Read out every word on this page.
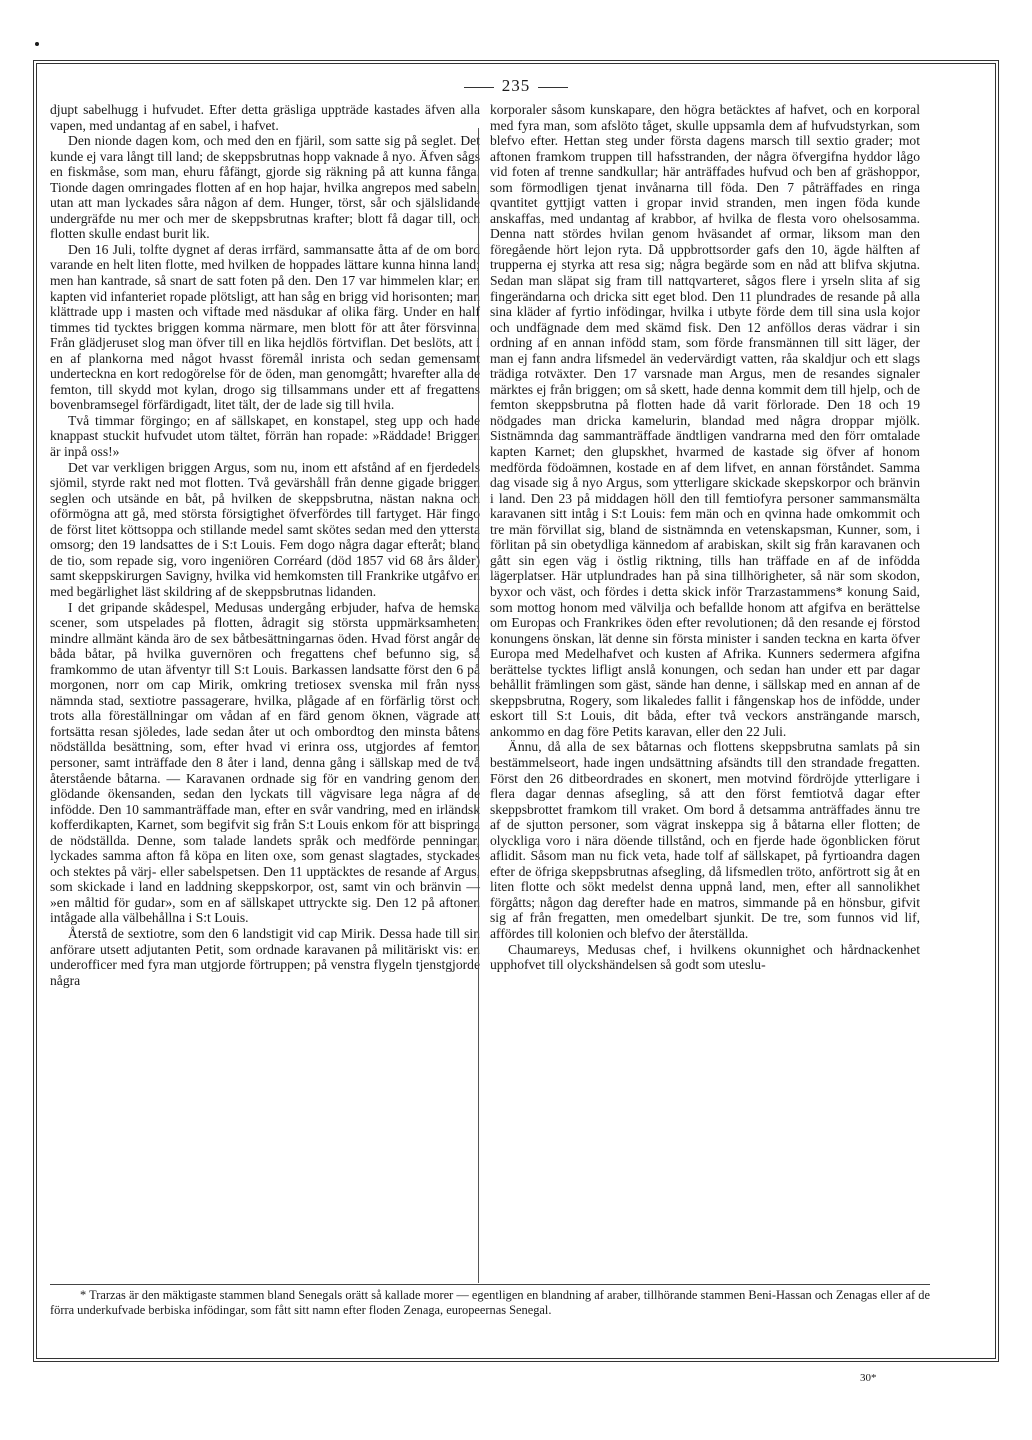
235

djupt sabelhugg i hufvudet. Efter detta gräsliga uppträde kastades äfven alla vapen, med undantag af en sabel, i hafvet.

Den nionde dagen kom, och med den en fjäril, som satte sig på seglet. Det kunde ej vara långt till land; de skeppsbrutnas hopp vaknade å nyo. Äfven sågs en fiskmåse, som man, ehuru fåfängt, gjorde sig räkning på att kunna fånga. Tionde dagen omringades flotten af en hop hajar, hvilka angrepos med sabeln, utan att man lyckades såra någon af dem. Hunger, törst, sår och själslidande undergräfde nu mer och mer de skeppsbrutnas krafter; blott få dagar till, och flotten skulle endast burit lik.

Den 16 Juli, tolfte dygnet af deras irrfärd, sammansatte åtta af de om bord varande en helt liten flotte, med hvilken de hoppades lättare kunna hinna land; men han kantrade, så snart de satt foten på den. Den 17 var himmelen klar; en kapten vid infanteriet ropade plötsligt, att han såg en brigg vid horisonten; man klättrade upp i masten och viftade med näsdukar af olika färg. Under en half timmes tid tycktes briggen komma närmare, men blott för att åter försvinna. Från glädjeruset slog man öfver till en lika hejdlös förtviflan. Det beslöts, att i en af plankorna med något hvasst föremål inrista och sedan gemensamt underteckna en kort redogörelse för de öden, man genomgått; hvarefter alla de femton, till skydd mot kylan, drogo sig tillsammans under ett af fregattens bovenbramsegel förfärdigadt, litet tält, der de lade sig till hvila.

Två timmar förgingo; en af sällskapet, en konstapel, steg upp och hade knappast stuckit hufvudet utom tältet, förrän han ropade: »Räddade! Briggen är inpå oss!»

Det var verkligen briggen Argus, som nu, inom ett afstånd af en fjerdedels sjömil, styrde rakt ned mot flotten. Två gevärshåll från denne gigade briggen seglen och utsände en båt, på hvilken de skeppsbrutna, nästan nakna och oförmögna att gå, med största försigtighet öfverfördes till fartyget. Här fingo de först litet köttsoppa och stillande medel samt skötes sedan med den yttersta omsorg; den 19 landsattes de i S:t Louis. Fem dogo några dagar efteråt; bland de tio, som repade sig, voro ingeniören Corréard (död 1857 vid 68 års ålder) samt skeppskirurgen Savigny, hvilka vid hemkomsten till Frankrike utgåfvo en med begärlighet läst skildring af de skeppsbrutnas lidanden.

I det gripande skådespel, Medusas undergång erbjuder, hafva de hemska scener, som utspelades på flotten, ådragit sig största uppmärksamheten; mindre allmänt kända äro de sex båtbesättningarnas öden. Hvad först angår de båda båtar, på hvilka guvernören och fregattens chef befunno sig, så framkommo de utan äfventyr till S:t Louis. Barkassen landsatte först den 6 på morgonen, norr om cap Mirik, omkring tretiosex svenska mil från nyss nämnda stad, sextiotre passagerare, hvilka, plågade af en förfärlig törst och trots alla föreställningar om vådan af en färd genom öknen, vägrade att fortsätta resan sjöledes, lade sedan åter ut och ombordtog den minsta båtens nödställda besättning, som, efter hvad vi erinra oss, utgjordes af femton personer, samt inträffade den 8 åter i land, denna gång i sällskap med de två återstående båtarna. — Karavanen ordnade sig för en vandring genom den glödande ökensanden, sedan den lyckats till vägvisare lega några af de infödde. Den 10 sammanträffade man, efter en svår vandring, med en irländsk kofferdikapten, Karnet, som begifvit sig från S:t Louis enkom för att bispringa de nödställda. Denne, som talade landets språk och medförde penningar, lyckades samma afton få köpa en liten oxe, som genast slagtades, styckades och stektes på värj- eller sabelspetsen. Den 11 upptäcktes de resande af Argus, som skickade i land en laddning skeppskorpor, ost, samt vin och bränvin — »en måltid för gudar», som en af sällskapet uttryckte sig. Den 12 på aftonen intågade alla välbehållna i S:t Louis.

Återstå de sextiotre, som den 6 landstigit vid cap Mirik. Dessa hade till sin anförare utsett adjutanten Petit, som ordnade karavanen på militäriskt vis: en underofficer med fyra man utgjorde förtruppen; på venstra flygeln tjenstgjorde några

korporaler såsom kunskapare, den högra betäcktes af hafvet, och en korporal med fyra man, som afslöto tåget, skulle uppsamla dem af hufvudstyrkan, som blefvo efter. Hettan steg under första dagens marsch till sextio grader; mot aftonen framkom truppen till hafsstranden, der några öfvergifna hyddor lågo vid foten af trenne sandkullar; här anträffades hufvud och ben af gräshoppor, som förmodligen tjenat invånarna till föda. Den 7 påträffades en ringa qvantitet gyttjigt vatten i gropar invid stranden, men ingen föda kunde anskaffas, med undantag af krabbor, af hvilka de flesta voro ohelsosamma. Denna natt stördes hvilan genom hväsandet af ormar, liksom man den föregående hört lejon ryta. Då uppbrottsorder gafs den 10, ägde hälften af trupperna ej styrka att resa sig; några begärde som en nåd att blifva skjutna. Sedan man släpat sig fram till nattqvarteret, sågos flere i yrseln slita af sig fingerändarna och dricka sitt eget blod. Den 11 plundrades de resande på alla sina kläder af fyrtio infödingar, hvilka i utbyte förde dem till sina usla kojor och undfägnade dem med skämd fisk. Den 12 anföllos deras vädrar i sin ordning af en annan infödd stam, som förde fransmännen till sitt läger, der man ej fann andra lifsmedel än vedervärdigt vatten, råa skaldjur och ett slags trädiga rotväxter. Den 17 varsnade man Argus, men de resandes signaler märktes ej från briggen; om så skett, hade denna kommit dem till hjelp, och de femton skeppsbrutna på flotten hade då varit förlorade. Den 18 och 19 nödgades man dricka kamelurin, blandad med några droppar mjölk. Sistnämnda dag sammanträffade ändtligen vandrarna med den förr omtalade kapten Karnet; den glupskhet, hvarmed de kastade sig öfver af honom medförda födoämnen, kostade en af dem lifvet, en annan förståndet. Samma dag visade sig å nyo Argus, som ytterligare skickade skepskorpor och bränvin i land. Den 23 på middagen höll den till femtiofyra personer sammansmälta karavanen sitt intåg i S:t Louis: fem män och en qvinna hade omkommit och tre män förvillat sig, bland de sistnämnda en vetenskapsman, Kunner, som, i förlitan på sin obetydliga kännedom af arabiskan, skilt sig från karavanen och gått sin egen väg i östlig riktning, tills han träffade en af de infödda lägerplatser. Här utplundrades han på sina tillhörigheter, så när som skodon, byxor och väst, och fördes i detta skick inför Trarzastammens* konung Said, som mottog honom med välvilja och befallde honom att afgifva en berättelse om Europas och Frankrikes öden efter revolutionen; då den resande ej förstod konungens önskan, lät denne sin första minister i sanden teckna en karta öfver Europa med Medelhafvet och kusten af Afrika. Kunners sedermera afgifna berättelse tycktes lifligt anslå konungen, och sedan han under ett par dagar behållit främlingen som gäst, sände han denne, i sällskap med en annan af de skeppsbrutna, Rogery, som likaledes fallit i fångenskap hos de infödde, under eskort till S:t Louis, dit båda, efter två veckors ansträngande marsch, ankommo en dag före Petits karavan, eller den 22 Juli.

Ännu, då alla de sex båtarnas och flottens skeppsbrutna samlats på sin bestämmelseort, hade ingen undsättning afsändts till den strandade fregatten. Först den 26 ditbeordrades en skonert, men motvind fördröjde ytterligare i flera dagar dennas afsegling, så att den först femtiotvå dagar efter skeppsbrottet framkom till vraket. Om bord å detsamma anträffades ännu tre af de sjutton personer, som vägrat inskeppa sig å båtarna eller flotten; de olyckliga voro i nära döende tillstånd, och en fjerde hade ögonblicken förut aflidit. Såsom man nu fick veta, hade tolf af sällskapet, på fyrtioandra dagen efter de öfriga skeppsbrutnas afsegling, då lifsmedlen tröto, anförtrott sig åt en liten flotte och sökt medelst denna uppnå land, men, efter all sannolikhet förgåtts; någon dag derefter hade en matros, simmande på en hönsbur, gifvit sig af från fregatten, men omedelbart sjunkit. De tre, som funnos vid lif, affördes till kolonien och blefvo der återställda.

Chaumareys, Medusas chef, i hvilkens okunnighet och hårdnackenhet upphofvet till olyckshändelsen så godt som uteslu-

* Trarzas är den mäktigaste stammen bland Senegals orätt så kallade morer — egentligen en blandning af araber, tillhörande stammen Beni-Hassan och Zenagas eller af de förra underkufvade berbiska infödingar, som fått sitt namn efter floden Zenaga, europeernas Senegal.
30*
